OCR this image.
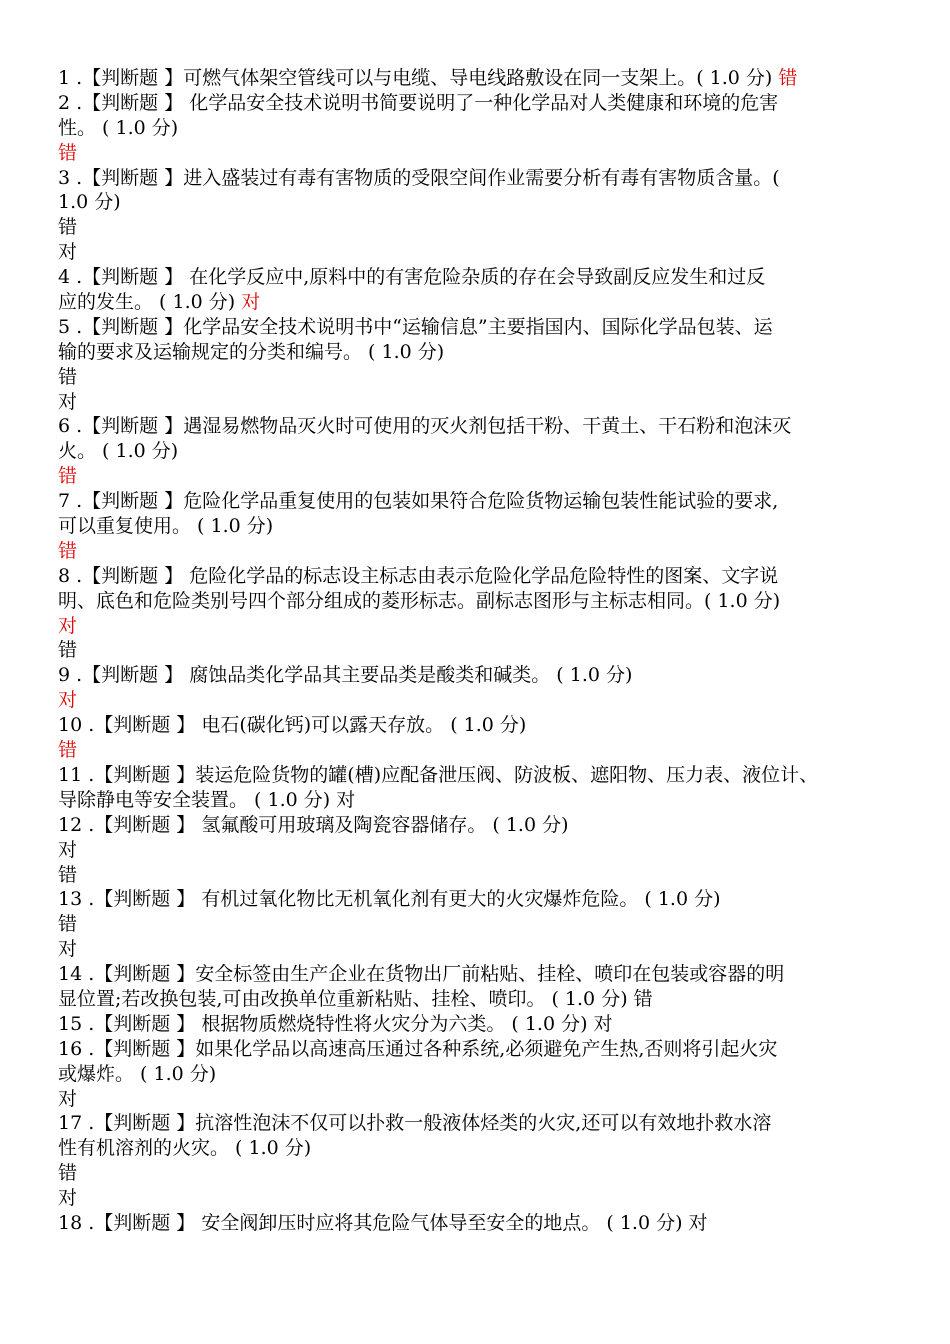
1 .【判断题 】可燃气体架空管线可以与电缆、导电线路敷设在同一支架上。( 1.0 分) 错
2 .【判断题 】 化学品安全技术说明书简要说明了一种化学品对人类健康和环境的危害
性。 ( 1.0 分)
错
3 .【判断题 】进入盛装过有毒有害物质的受限空间作业需要分析有毒有害物质含量。(
1.0 分)
错
对
4 .【判断题 】 在化学反应中,原料中的有害危险杂质的存在会导致副反应发生和过反
应的发生。 ( 1.0 分) 对
5 .【判断题 】化学品安全技术说明书中“运输信息”主要指国内、国际化学品包装、运
输的要求及运输规定的分类和编号。 ( 1.0 分)
错
对
6 .【判断题 】遇湿易燃物品灭火时可使用的灭火剂包括干粉、干黄土、干石粉和泡沫灭
火。 ( 1.0 分)
错
7 .【判断题 】危险化学品重复使用的包装如果符合危险货物运输包装性能试验的要求,
可以重复使用。 ( 1.0 分)
错
8 .【判断题 】 危险化学品的标志设主标志由表示危险化学品危险特性的图案、文字说
明、底色和危险类别号四个部分组成的菱形标志。副标志图形与主标志相同。( 1.0 分)
对
错
9 .【判断题 】 腐蚀品类化学品其主要品类是酸类和碱类。 ( 1.0 分)
对
10 .【判断题 】 电石(碳化钙)可以露天存放。 ( 1.0 分)
错
11 .【判断题 】装运危险货物的罐(槽)应配备泄压阀、防波板、遮阳物、压力表、液位计、
导除静电等安全装置。 ( 1.0 分) 对
12 .【判断题 】 氢氟酸可用玻璃及陶瓷容器储存。 ( 1.0 分)
对
错
13 .【判断题 】 有机过氧化物比无机氧化剂有更大的火灾爆炸危险。 ( 1.0 分)
错
对
14 .【判断题 】安全标签由生产企业在货物出厂前粘贴、挂栓、喷印在包装或容器的明
显位置;若改换包装,可由改换单位重新粘贴、挂栓、喷印。 ( 1.0 分) 错
15 .【判断题 】 根据物质燃烧特性将火灾分为六类。 ( 1.0 分) 对
16 .【判断题 】如果化学品以高速高压通过各种系统,必须避免产生热,否则将引起火灾
或爆炸。 ( 1.0 分)
对
17 .【判断题 】抗溶性泡沫不仅可以扑救一般液体烃类的火灾,还可以有效地扑救水溶
性有机溶剂的火灾。 ( 1.0 分)
错
对
18 .【判断题 】 安全阀卸压时应将其危险气体导至安全的地点。 ( 1.0 分) 对
